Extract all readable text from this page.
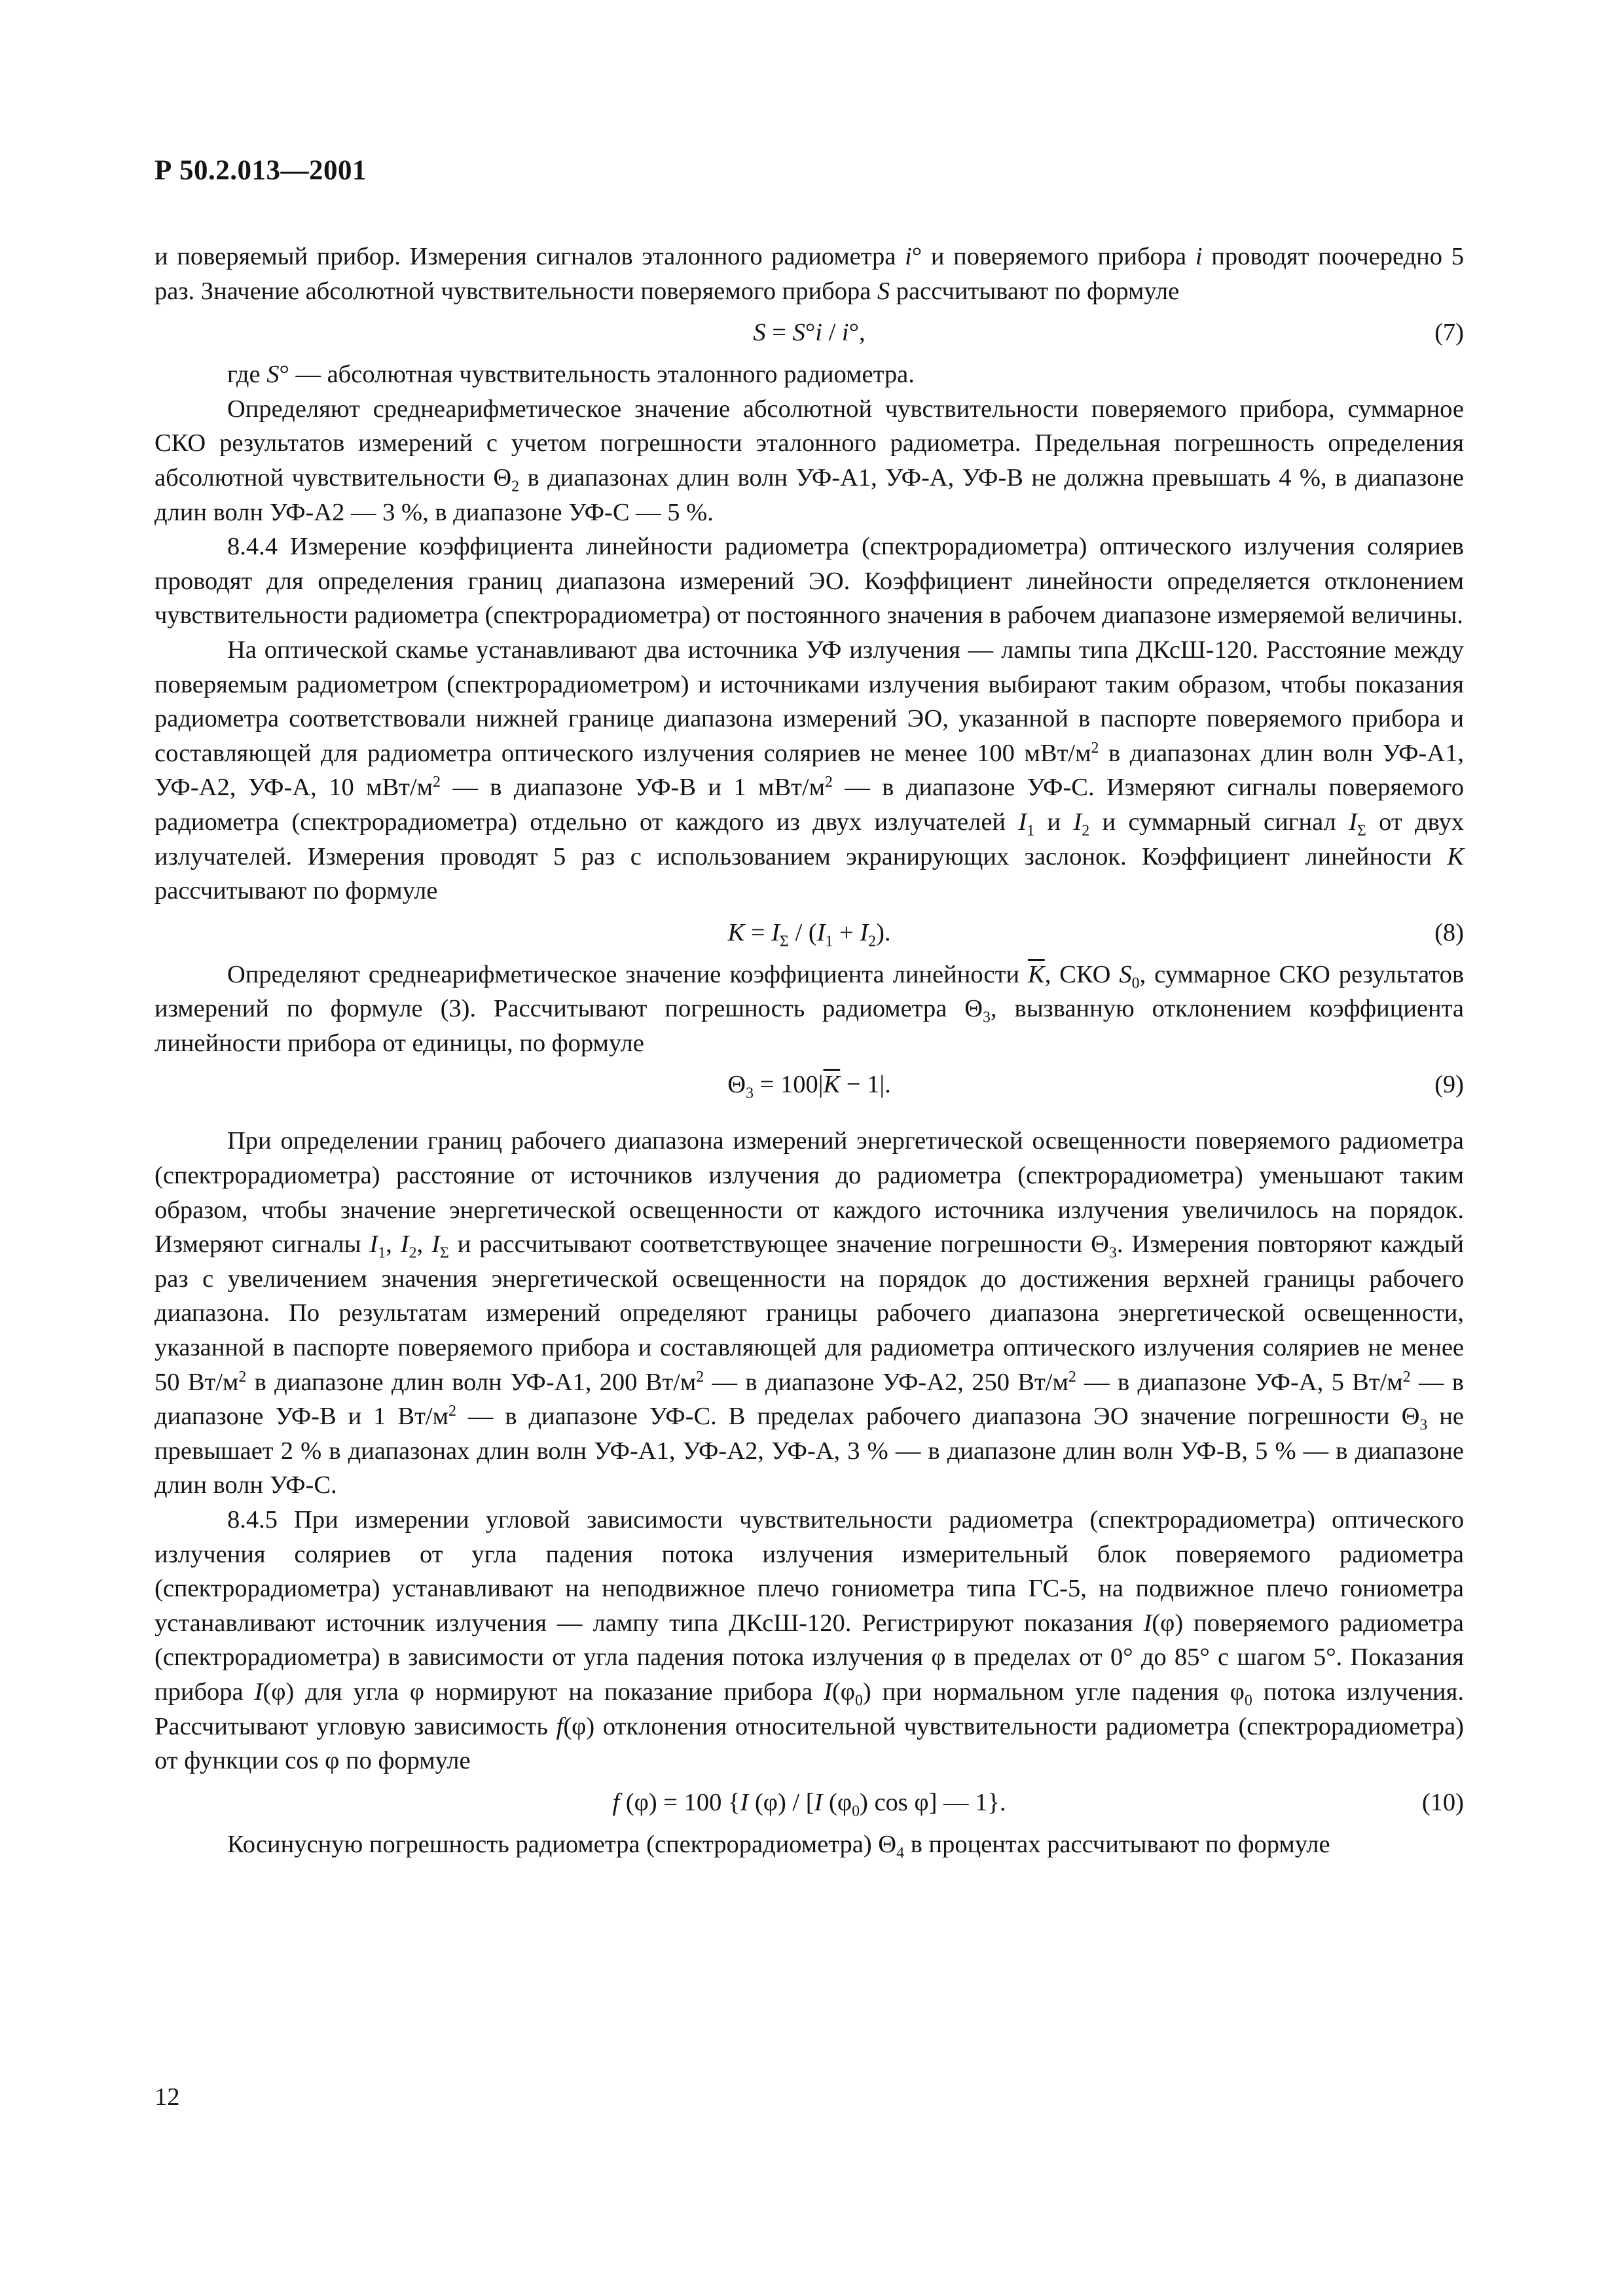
Р 50.2.013—2001

и поверяемый прибор. Измерения сигналов эталонного радиометра i° и поверяемого прибора i проводят поочередно 5 раз. Значение абсолютной чувствительности поверяемого прибора S рассчитывают по формуле

S = S°i / i°,	(7)

где S° — абсолютная чувствительность эталонного радиометра.

Определяют среднеарифметическое значение абсолютной чувствительности поверяемого прибора, суммарное СКО результатов измерений с учетом погрешности эталонного радиометра. Предельная погрешность определения абсолютной чувствительности $\Theta_2$ в диапазонах длин волн УФ-А1, УФ-А, УФ-В не должна превышать 4 %, в диапазоне длин волн УФ-А2 — 3 %, в диапазоне УФ-С — 5 %.

8.4.4 Измерение коэффициента линейности радиометра (спектрорадиометра) оптического излучения соляриев проводят для определения границ диапазона измерений ЭО. Коэффициент линейности определяется отклонением чувствительности радиометра (спектрорадиометра) от постоянного значения в рабочем диапазоне измеряемой величины.

На оптической скамье устанавливают два источника УФ излучения — лампы типа ДКсШ-120. Расстояние между поверяемым радиометром (спектрорадиометром) и источниками излучения выбирают таким образом, чтобы показания радиометра соответствовали нижней границе диапазона измерений ЭО, указанной в паспорте поверяемого прибора и составляющей для радиометра оптического излучения соляриев не менее 100 мВт/$м^2$ в диапазонах длин волн УФ-А1, УФ-А2, УФ-А, 10 мВт/$м^2$ — в диапазоне УФ-В и 1 мВт/$м^2$ — в диапазоне УФ-С. Измеряют сигналы поверяемого радиометра (спектрорадиометра) отдельно от каждого из двух излучателей $I_1$ и $I_2$ и суммарный сигнал $I_\Sigma$ от двух излучателей. Измерения проводят 5 раз с использованием экранирующих заслонок. Коэффициент линейности K рассчитывают по формуле

$K = I_\Sigma / (I_1 + I_2)$.	(8)

Определяют среднеарифметическое значение коэффициента линейности $\overline{K}$, СКО $S_0$, суммарное СКО результатов измерений по формуле (3). Рассчитывают погрешность радиометра $\Theta_3$, вызванную отклонением коэффициента линейности прибора от единицы, по формуле

$\Theta_3 = 100|\overline{K} - 1|$.	(9)

При определении границ рабочего диапазона измерений энергетической освещенности поверяемого радиометра (спектрорадиометра) расстояние от источников излучения до радиометра (спектрорадиометра) уменьшают таким образом, чтобы значение энергетической освещенности от каждого источника излучения увеличилось на порядок. Измеряют сигналы $I_1$, $I_2$, $I_\Sigma$ и рассчитывают соответствующее значение погрешности $\Theta_3$. Измерения повторяют каждый раз с увеличением значения энергетической освещенности на порядок до достижения верхней границы рабочего диапазона. По результатам измерений определяют границы рабочего диапазона энергетической освещенности, указанной в паспорте поверяемого прибора и составляющей для радиометра оптического излучения соляриев не менее 50 $Вт/м^2$ в диапазоне длин волн УФ-А1, 200 $Вт/м^2$ — в диапазоне УФ-А2, 250 $Вт/м^2$ — в диапазоне УФ-А, 5 $Вт/м^2$ — в диапазоне УФ-В и 1 $Вт/м^2$ — в диапазоне УФ-С. В пределах рабочего диапазона ЭО значение погрешности $\Theta_3$ не превышает 2 % в диапазонах длин волн УФ-А1, УФ-А2, УФ-А, 3 % — в диапазоне длин волн УФ-В, 5 % — в диапазоне длин волн УФ-С.

8.4.5 При измерении угловой зависимости чувствительности радиометра (спектрорадиометра) оптического излучения соляриев от угла падения потока излучения измерительный блок поверяемого радиометра (спектрорадиометра) устанавливают на неподвижное плечо гониометра типа ГС-5, на подвижное плечо гониометра устанавливают источник излучения — лампу типа ДКсШ-120. Регистрируют показания I(φ) поверяемого радиометра (спектрорадиометра) в зависимости от угла падения потока излучения φ в пределах от 0° до 85° с шагом 5°. Показания прибора I(φ) для угла φ нормируют на показание прибора $I(\varphi_0)$ при нормальном угле падения $\varphi_0$ потока излучения. Рассчитывают угловую зависимость f(φ) отклонения относительной чувствительности радиометра (спектрорадиометра) от функции cos φ по формуле

f (φ) = 100 {I (φ) / [I $(\varphi_0)$ cos φ] — 1}.	(10)

Косинусную погрешность радиометра (спектрорадиометра) $\Theta_4$ в процентах рассчитывают по формуле

12
